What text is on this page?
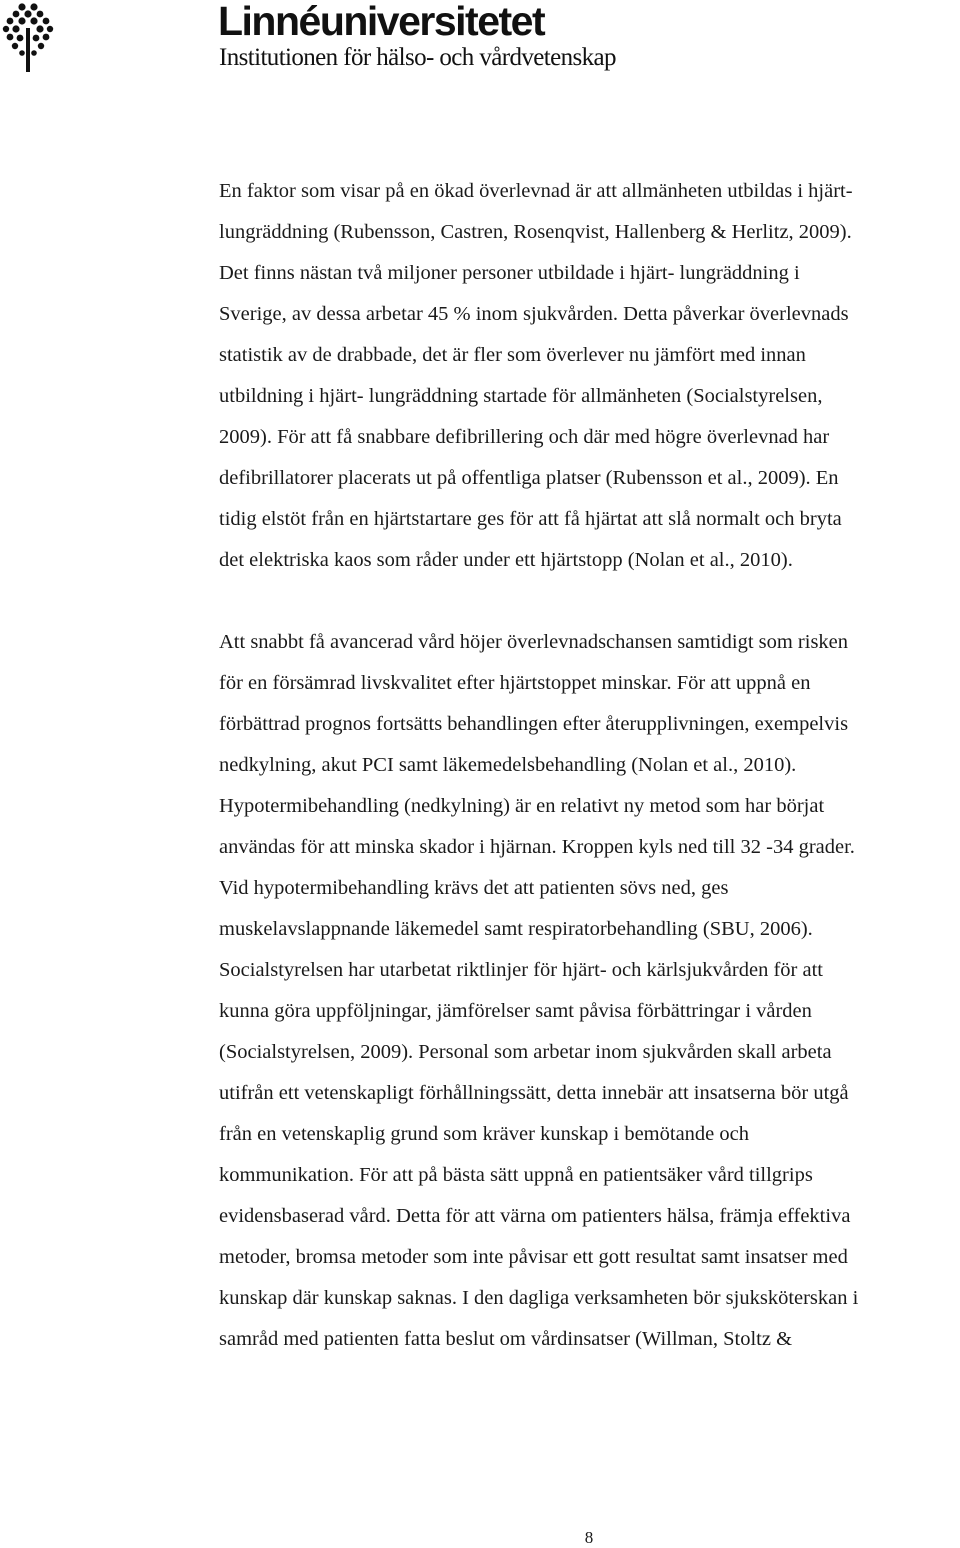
Linnéuniversitetet
Institutionen för hälso- och vårdvetenskap

En faktor som visar på en ökad överlevnad är att allmänheten utbildas i hjärt-
lungräddning (Rubensson, Castren, Rosenqvist, Hallenberg & Herlitz, 2009).
Det finns nästan två miljoner personer utbildade i hjärt- lungräddning i
Sverige, av dessa arbetar 45 % inom sjukvården. Detta påverkar överlevnads
statistik av de drabbade, det är fler som överlever nu jämfört med innan
utbildning i hjärt- lungräddning startade för allmänheten (Socialstyrelsen,
2009). För att få snabbare defibrillering och där med högre överlevnad har
defibrillatorer placerats ut på offentliga platser (Rubensson et al., 2009). En
tidig elstöt från en hjärtstartare ges för att få hjärtat att slå normalt och bryta
det elektriska kaos som råder under ett hjärtstopp (Nolan et al., 2010).

Att snabbt få avancerad vård höjer överlevnadschansen samtidigt som risken
för en försämrad livskvalitet efter hjärtstoppet minskar. För att uppnå en
förbättrad prognos fortsätts behandlingen efter återupplivningen, exempelvis
nedkylning, akut PCI samt läkemedelsbehandling (Nolan et al., 2010).
Hypotermibehandling (nedkylning) är en relativt ny metod som har börjat
användas för att minska skador i hjärnan. Kroppen kyls ned till 32 -34 grader.
Vid hypotermibehandling krävs det att patienten sövs ned, ges
muskelavslappnande läkemedel samt respiratorbehandling (SBU, 2006).
Socialstyrelsen har utarbetat riktlinjer för hjärt- och kärlsjukvården för att
kunna göra uppföljningar, jämförelser samt påvisa förbättringar i vården
(Socialstyrelsen, 2009). Personal som arbetar inom sjukvården skall arbeta
utifrån ett vetenskapligt förhållningssätt, detta innebär att insatserna bör utgå
från en vetenskaplig grund som kräver kunskap i bemötande och
kommunikation. För att på bästa sätt uppnå en patientsäker vård tillgrips
evidensbaserad vård. Detta för att värna om patienters hälsa, främja effektiva
metoder, bromsa metoder som inte påvisar ett gott resultat samt insatser med
kunskap där kunskap saknas. I den dagliga verksamheten bör sjuksköterskan i
samråd med patienten fatta beslut om vårdinsatser (Willman, Stoltz &

8
